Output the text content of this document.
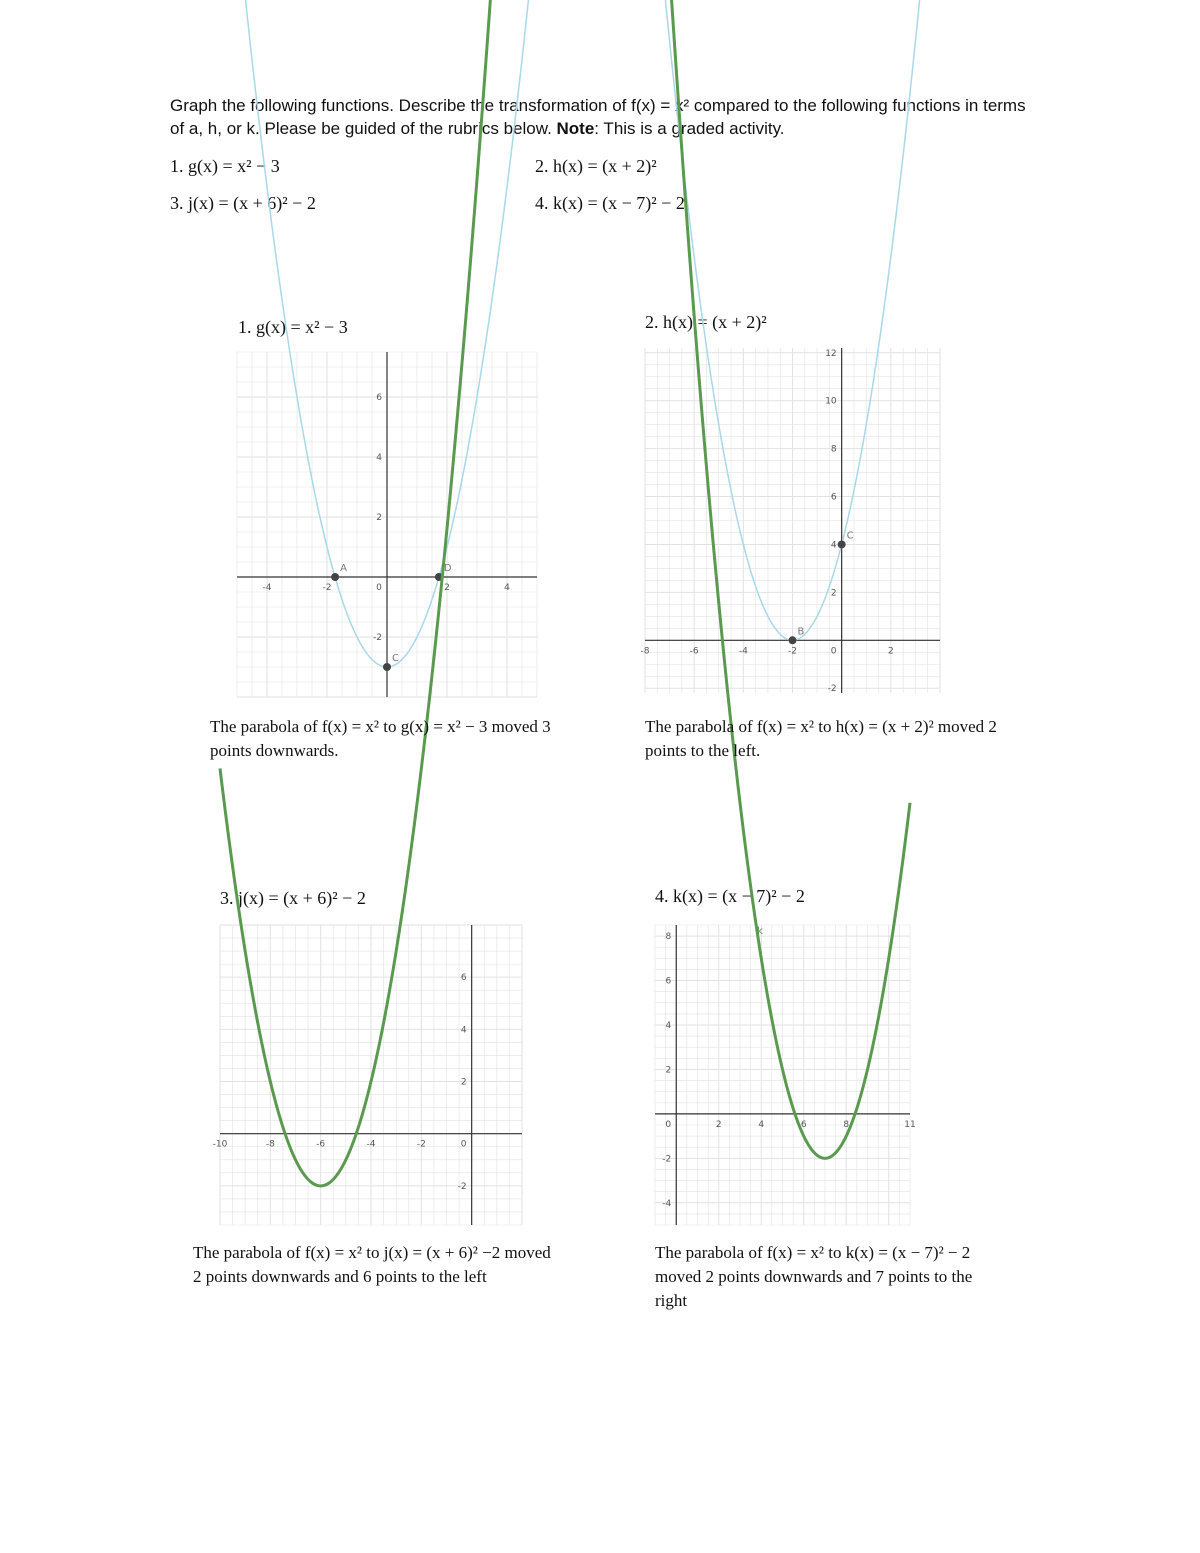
Graph the following functions. Describe the transformation of f(x) = x² compared to the following functions in terms of a, h, or k. Please be guided of the rubrics below. Note: This is a graded activity.
1. g(x) = x² − 3	2. h(x) = (x + 2)²
3. j(x) = (x + 6)² − 2	4. k(x) = (x − 7)² − 2
1. g(x) = x² − 3	2. h(x) = (x + 2)²
3. j(x) = (x + 6)² − 2	4. k(x) = (x − 7)² − 2
-4	-2	0	2	4
-2
2
4
6
A	D
C
-8	-6	-4	-2	0	2
-2
2
4
6
8
10
12
B
C
-10	-8	-6	-4	-2	0
-2
2
4
6
0	2	4	6	8	11
-4
-2
2
4
6
8
k
The parabola of f(x) = x² to g(x) = x² − 3 moved 3 points downwards.
The parabola of f(x) = x² to h(x) = (x + 2)² moved 2 points to the left.
The parabola of f(x) = x² to j(x) = (x + 6)² −2 moved 2 points downwards and 6 points to the left
The parabola of f(x) = x² to k(x) = (x − 7)² − 2 moved 2 points downwards and 7 points to the right
